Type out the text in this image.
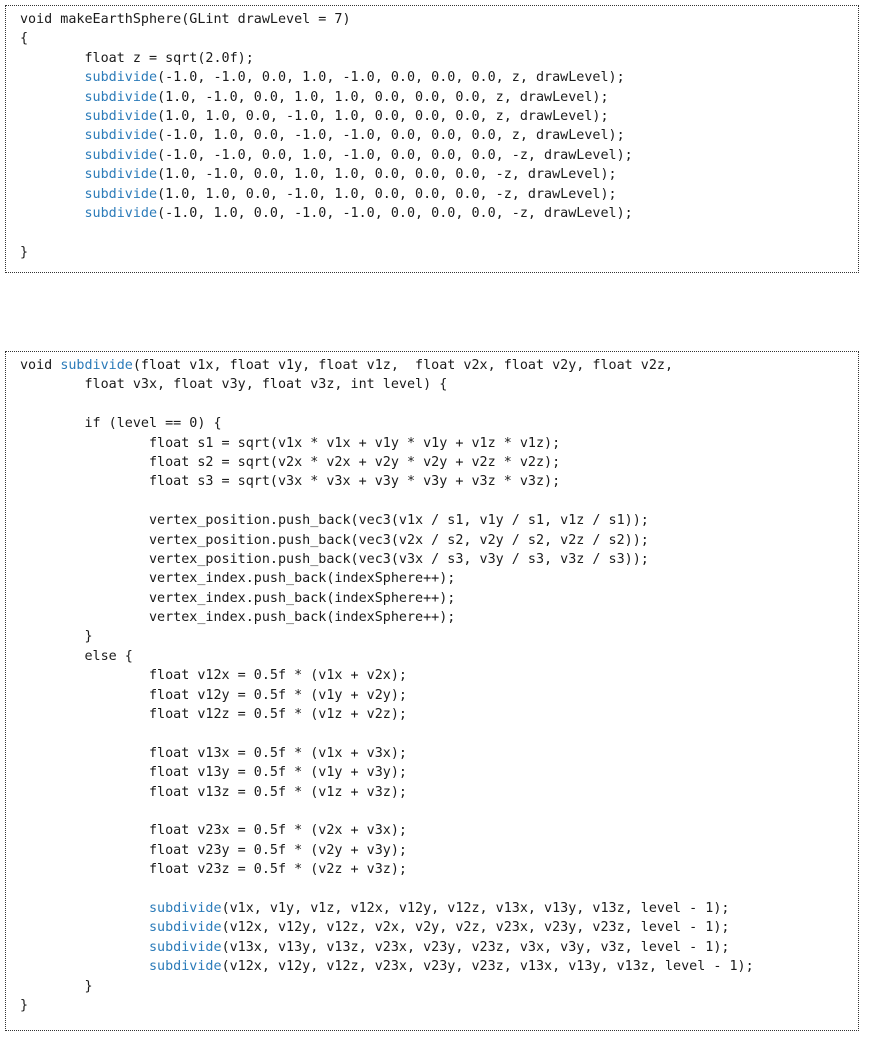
void makeEarthSphere(GLint drawLevel = 7)
{
float z = sqrt(2.0f);
subdivide(-1.0, -1.0, 0.0, 1.0, -1.0, 0.0, 0.0, 0.0, z, drawLevel);
subdivide(1.0, -1.0, 0.0, 1.0, 1.0, 0.0, 0.0, 0.0, z, drawLevel);
subdivide(1.0, 1.0, 0.0, -1.0, 1.0, 0.0, 0.0, 0.0, z, drawLevel);
subdivide(-1.0, 1.0, 0.0, -1.0, -1.0, 0.0, 0.0, 0.0, z, drawLevel);
subdivide(-1.0, -1.0, 0.0, 1.0, -1.0, 0.0, 0.0, 0.0, -z, drawLevel);
subdivide(1.0, -1.0, 0.0, 1.0, 1.0, 0.0, 0.0, 0.0, -z, drawLevel);
subdivide(1.0, 1.0, 0.0, -1.0, 1.0, 0.0, 0.0, 0.0, -z, drawLevel);
subdivide(-1.0, 1.0, 0.0, -1.0, -1.0, 0.0, 0.0, 0.0, -z, drawLevel);
}
void subdivide(float v1x, float v1y, float v1z,  float v2x, float v2y, float v2z,
float v3x, float v3y, float v3z, int level) {
if (level == 0) {
float s1 = sqrt(v1x * v1x + v1y * v1y + v1z * v1z);
float s2 = sqrt(v2x * v2x + v2y * v2y + v2z * v2z);
float s3 = sqrt(v3x * v3x + v3y * v3y + v3z * v3z);
vertex_position.push_back(vec3(v1x / s1, v1y / s1, v1z / s1));
vertex_position.push_back(vec3(v2x / s2, v2y / s2, v2z / s2));
vertex_position.push_back(vec3(v3x / s3, v3y / s3, v3z / s3));
vertex_index.push_back(indexSphere++);
vertex_index.push_back(indexSphere++);
vertex_index.push_back(indexSphere++);
}
else {
float v12x = 0.5f * (v1x + v2x);
float v12y = 0.5f * (v1y + v2y);
float v12z = 0.5f * (v1z + v2z);
float v13x = 0.5f * (v1x + v3x);
float v13y = 0.5f * (v1y + v3y);
float v13z = 0.5f * (v1z + v3z);
float v23x = 0.5f * (v2x + v3x);
float v23y = 0.5f * (v2y + v3y);
float v23z = 0.5f * (v2z + v3z);
subdivide(v1x, v1y, v1z, v12x, v12y, v12z, v13x, v13y, v13z, level - 1);
subdivide(v12x, v12y, v12z, v2x, v2y, v2z, v23x, v23y, v23z, level - 1);
subdivide(v13x, v13y, v13z, v23x, v23y, v23z, v3x, v3y, v3z, level - 1);
subdivide(v12x, v12y, v12z, v23x, v23y, v23z, v13x, v13y, v13z, level - 1);
}
}
